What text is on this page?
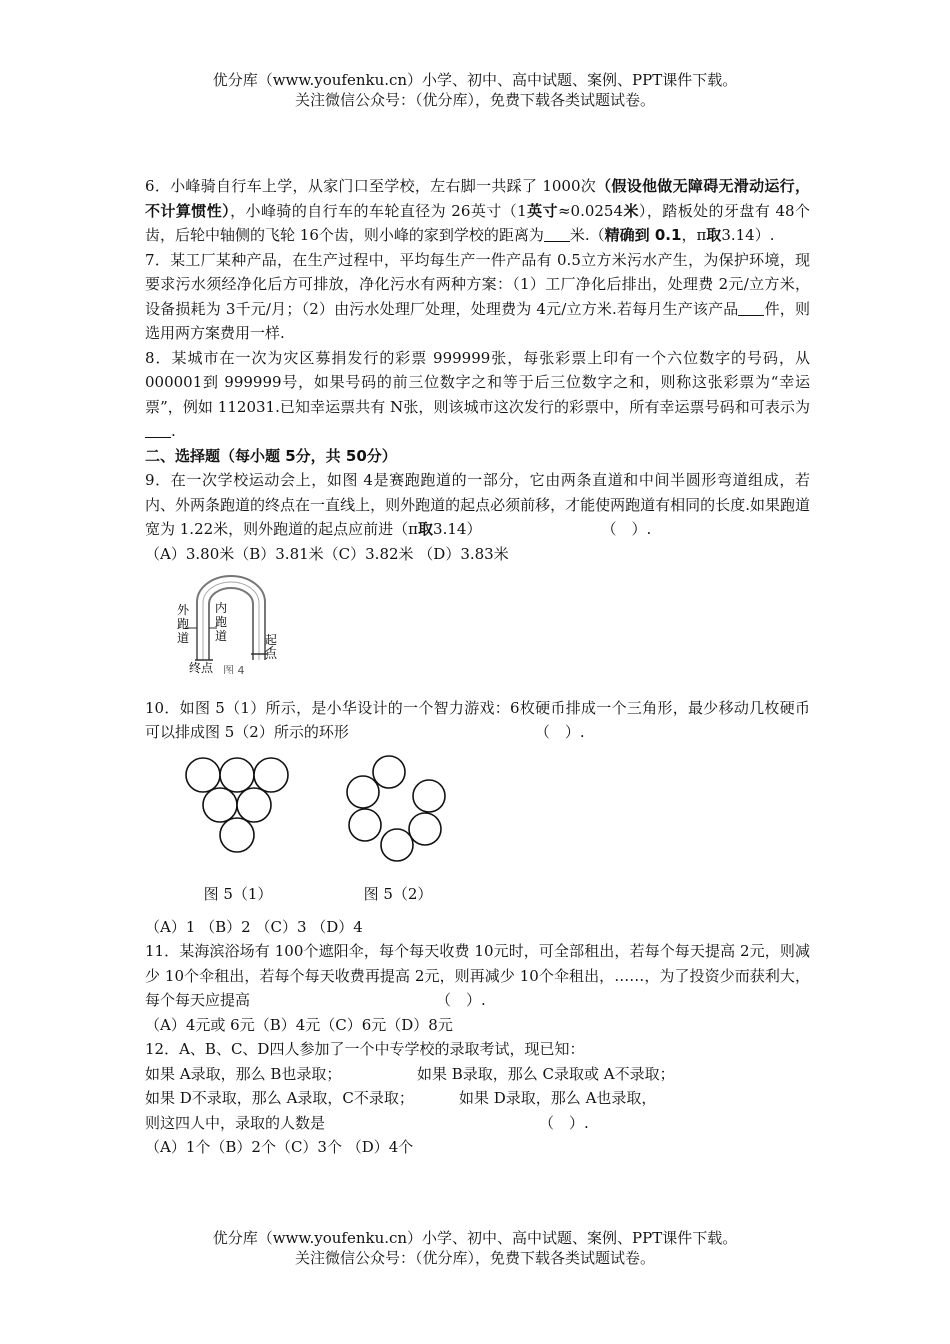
优分库（www.youfenku.cn）小学、初中、高中试题、案例、PPT课件下载。
关注微信公众号：（优分库），免费下载各类试题试卷。

6．小峰骑自行车上学，从家门口至学校，左右脚一共踩了 1000次（假设他做无障碍无滑动运行，不计算惯性），小峰骑的自行车的车轮直径为 26英寸（1英寸≈0.0254米），踏板处的牙盘有 48个齿，后轮中轴侧的飞轮 16个齿，则小峰的家到学校的距离为 米.（精确到 0.1，π取3.14）.

7．某工厂某种产品，在生产过程中，平均每生产一件产品有 0.5立方米污水产生，为保护环境，现要求污水须经净化后方可排放，净化污水有两种方案：（1）工厂净化后排出，处理费 2元/立方米，设备损耗为 3千元/月；（2）由污水处理厂处理，处理费为 4元/立方米.若每月生产该产品 件，则选用两方案费用一样.

8．某城市在一次为灾区募捐发行的彩票 999999张，每张彩票上印有一个六位数字的号码，从 000001到 999999号，如果号码的前三位数字之和等于后三位数字之和，则称这张彩票为“幸运票”，例如 112031.已知幸运票共有 N张，则该城市这次发行的彩票中，所有幸运票号码和可表示为.

二、选择题（每小题 5分，共 50分）

9．在一次学校运动会上，如图 4是赛跑跑道的一部分，它由两条直道和中间半圆形弯道组成，若内、外两条跑道的终点在一直线上，则外跑道的起点必须前移，才能使两跑道有相同的长度.如果跑道宽为 1.22米，则外跑道的起点应前进（π取3.14）	（　）.

（A）3.80米（B）3.81米（C）3.82米 （D）3.83米

外
跑
道
内
跑
道	起
点
终点 图 4

10．如图 5（1）所示，是小华设计的一个智力游戏：6枚硬币排成一个三角形，最少移动几枚硬币可以排成图 5（2）所示的环形	（　）.

图 5（1）	图 5（2）

（A）1 （B）2 （C）3 （D）4

11．某海滨浴场有 100个遮阳伞，每个每天收费 10元时，可全部租出，若每个每天提高 2元，则减少 10个伞租出，若每个每天收费再提高 2元，则再减少 10个伞租出，……，为了投资少而获利大，每个每天应提高	（　）.

（A）4元或 6元（B）4元（C）6元（D）8元

12．A、B、C、D四人参加了一个中专学校的录取考试，现已知：

如果 A录取，那么 B也录取；	如果 B录取，那么 C录取或 A不录取；
如果 D不录取，那么 A录取，C不录取；	如果 D录取，那么 A也录取，

则这四人中，录取的人数是	（　）.

（A）1个（B）2个（C）3个 （D）4个

优分库（www.youfenku.cn）小学、初中、高中试题、案例、PPT课件下载。
关注微信公众号：（优分库），免费下载各类试题试卷。
